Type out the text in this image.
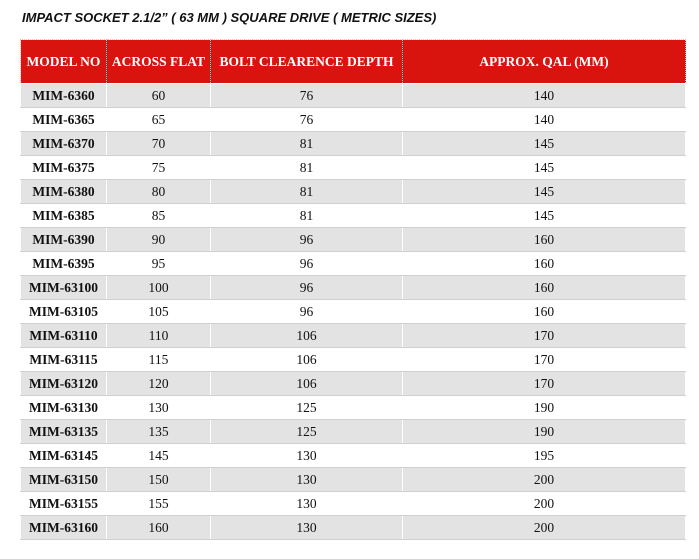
IMPACT SOCKET 2.1/2” ( 63 MM ) SQUARE DRIVE ( METRIC SIZES)
MODEL NO	ACROSS FLAT	BOLT CLEARENCE DEPTH	APPROX. QAL (MM)
MIM-6360	60	76	140
MIM-6365	65	76	140
MIM-6370	70	81	145
MIM-6375	75	81	145
MIM-6380	80	81	145
MIM-6385	85	81	145
MIM-6390	90	96	160
MIM-6395	95	96	160
MIM-63100	100	96	160
MIM-63105	105	96	160
MIM-63110	110	106	170
MIM-63115	115	106	170
MIM-63120	120	106	170
MIM-63130	130	125	190
MIM-63135	135	125	190
MIM-63145	145	130	195
MIM-63150	150	130	200
MIM-63155	155	130	200
MIM-63160	160	130	200
